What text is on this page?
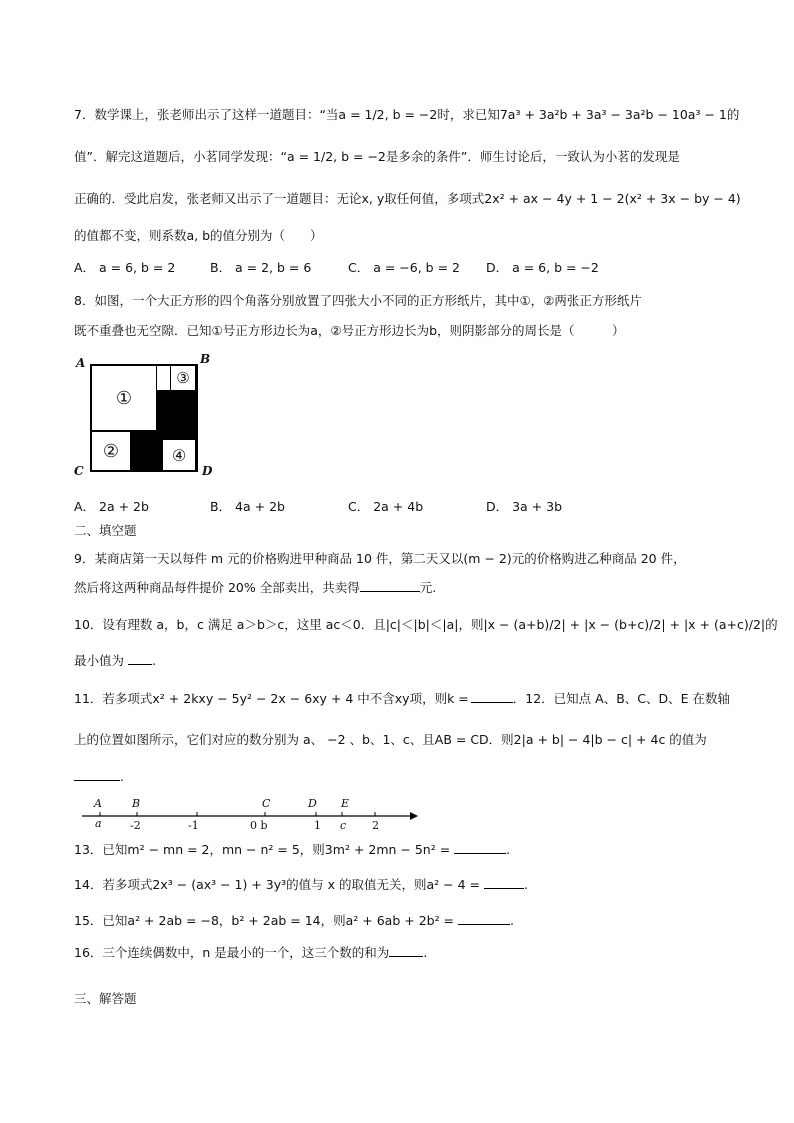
7．数学课上，张老师出示了这样一道题目：“当a = 1/2, b = −2时，求已知7a³ + 3a²b + 3a³ − 3a²b − 10a³ − 1的
值”．解完这道题后，小茗同学发现：“a = 1/2, b = −2是多余的条件”．师生讨论后，一致认为小茗的发现是
正确的．受此启发，张老师又出示了一道题目：无论x, y取任何值，多项式2x² + ax − 4y + 1 − 2(x² + 3x − by − 4)
的值都不变，则系数a, b的值分别为（　　）
A． a = 6, b = 2	B． a = 2, b = 6	C． a = −6, b = 2 D． a = 6, b = −2
8．如图，一个大正方形的四个角落分别放置了四张大小不同的正方形纸片，其中①，②两张正方形纸片
既不重叠也无空隙．已知①号正方形边长为a，②号正方形边长为b，则阴影部分的周长是（　　　）
A	B
C	D
①
②
③
④
A． 2a + 2b	B． 4a + 2b	C． 2a + 4b	D． 3a + 3b
二、填空题
9．某商店第一天以每件 m 元的价格购进甲种商品 10 件，第二天又以(m − 2)元的价格购进乙种商品 20 件，
然后将这两种商品每件提价 20% 全部卖出，共卖得	元.
10．设有理数 a，b，c 满足 a＞b＞c，这里 ac＜0．且|c|＜|b|＜|a|，则|x − (a+b)/2| + |x − (b+c)/2| + |x + (a+c)/2|的
最小值为 .
11．若多项式x² + 2kxy − 5y² − 2x − 6xy + 4 中不含xy项，则k =	．12．已知点 A、B、C、D、E 在数轴
上的位置如图所示，它们对应的数分别为 a、 −2 、b、1、c、且AB = CD．则2|a + b| − 4|b − c| + 4c 的值为
.
A	B	C	D E
a	-2	-1	0 b	1 c 2
13．已知m² − mn = 2，mn − n² = 5，则3m² + 2mn − 5n² =	.
14．若多项式2x³ − (ax³ − 1) + 3y³的值与 x 的取值无关，则a² − 4 =	.
15．已知a² + 2ab = −8，b² + 2ab = 14，则a² + 6ab + 2b² =	.
16．三个连续偶数中，n 是最小的一个，这三个数的和为	.
三、解答题
